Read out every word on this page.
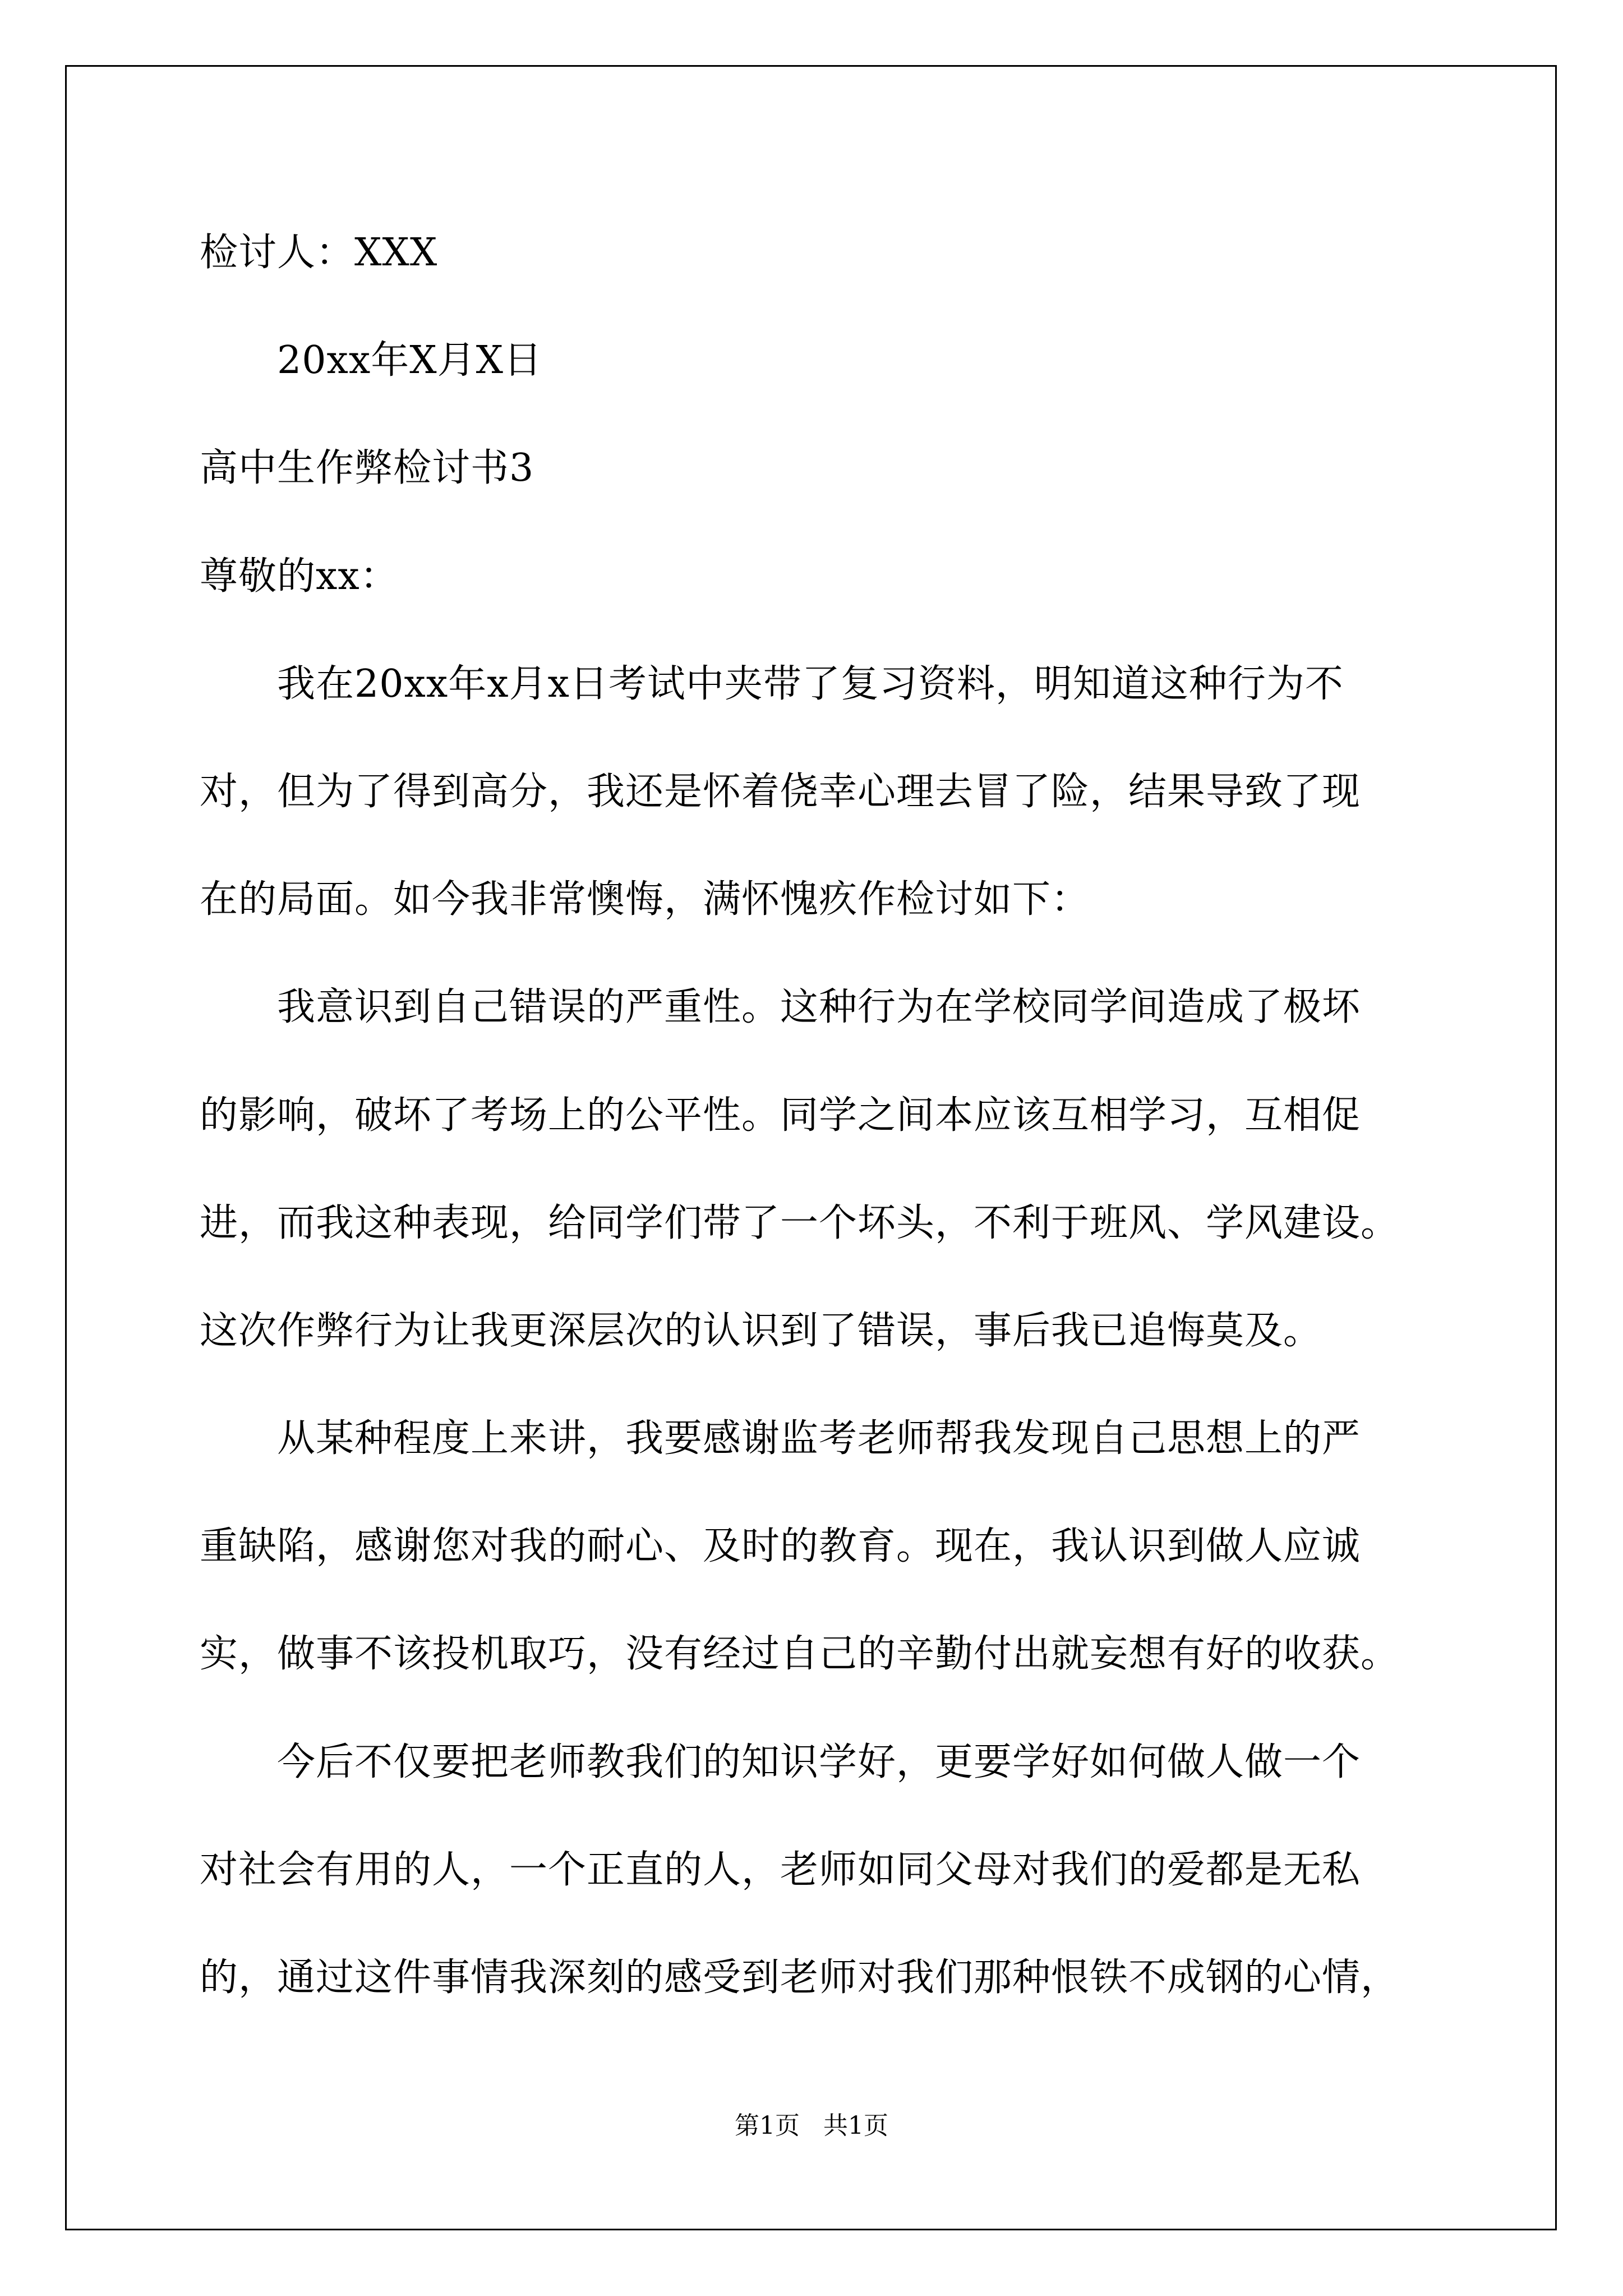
检讨人：XXX
20xx年X月X日
高中生作弊检讨书3
尊敬的xx：
我在20xx年x月x日考试中夹带了复习资料，明知道这种行为不
对，但为了得到高分，我还是怀着侥幸心理去冒了险，结果导致了现
在的局面。如今我非常懊悔，满怀愧疚作检讨如下：
我意识到自己错误的严重性。这种行为在学校同学间造成了极坏
的影响，破坏了考场上的公平性。同学之间本应该互相学习，互相促
进，而我这种表现，给同学们带了一个坏头，不利于班风、学风建设。
这次作弊行为让我更深层次的认识到了错误，事后我已追悔莫及。
从某种程度上来讲，我要感谢监考老师帮我发现自己思想上的严
重缺陷，感谢您对我的耐心、及时的教育。现在，我认识到做人应诚
实，做事不该投机取巧，没有经过自己的辛勤付出就妄想有好的收获。
今后不仅要把老师教我们的知识学好，更要学好如何做人做一个
对社会有用的人，一个正直的人，老师如同父母对我们的爱都是无私
的，通过这件事情我深刻的感受到老师对我们那种恨铁不成钢的心情，
第1页   共1页
